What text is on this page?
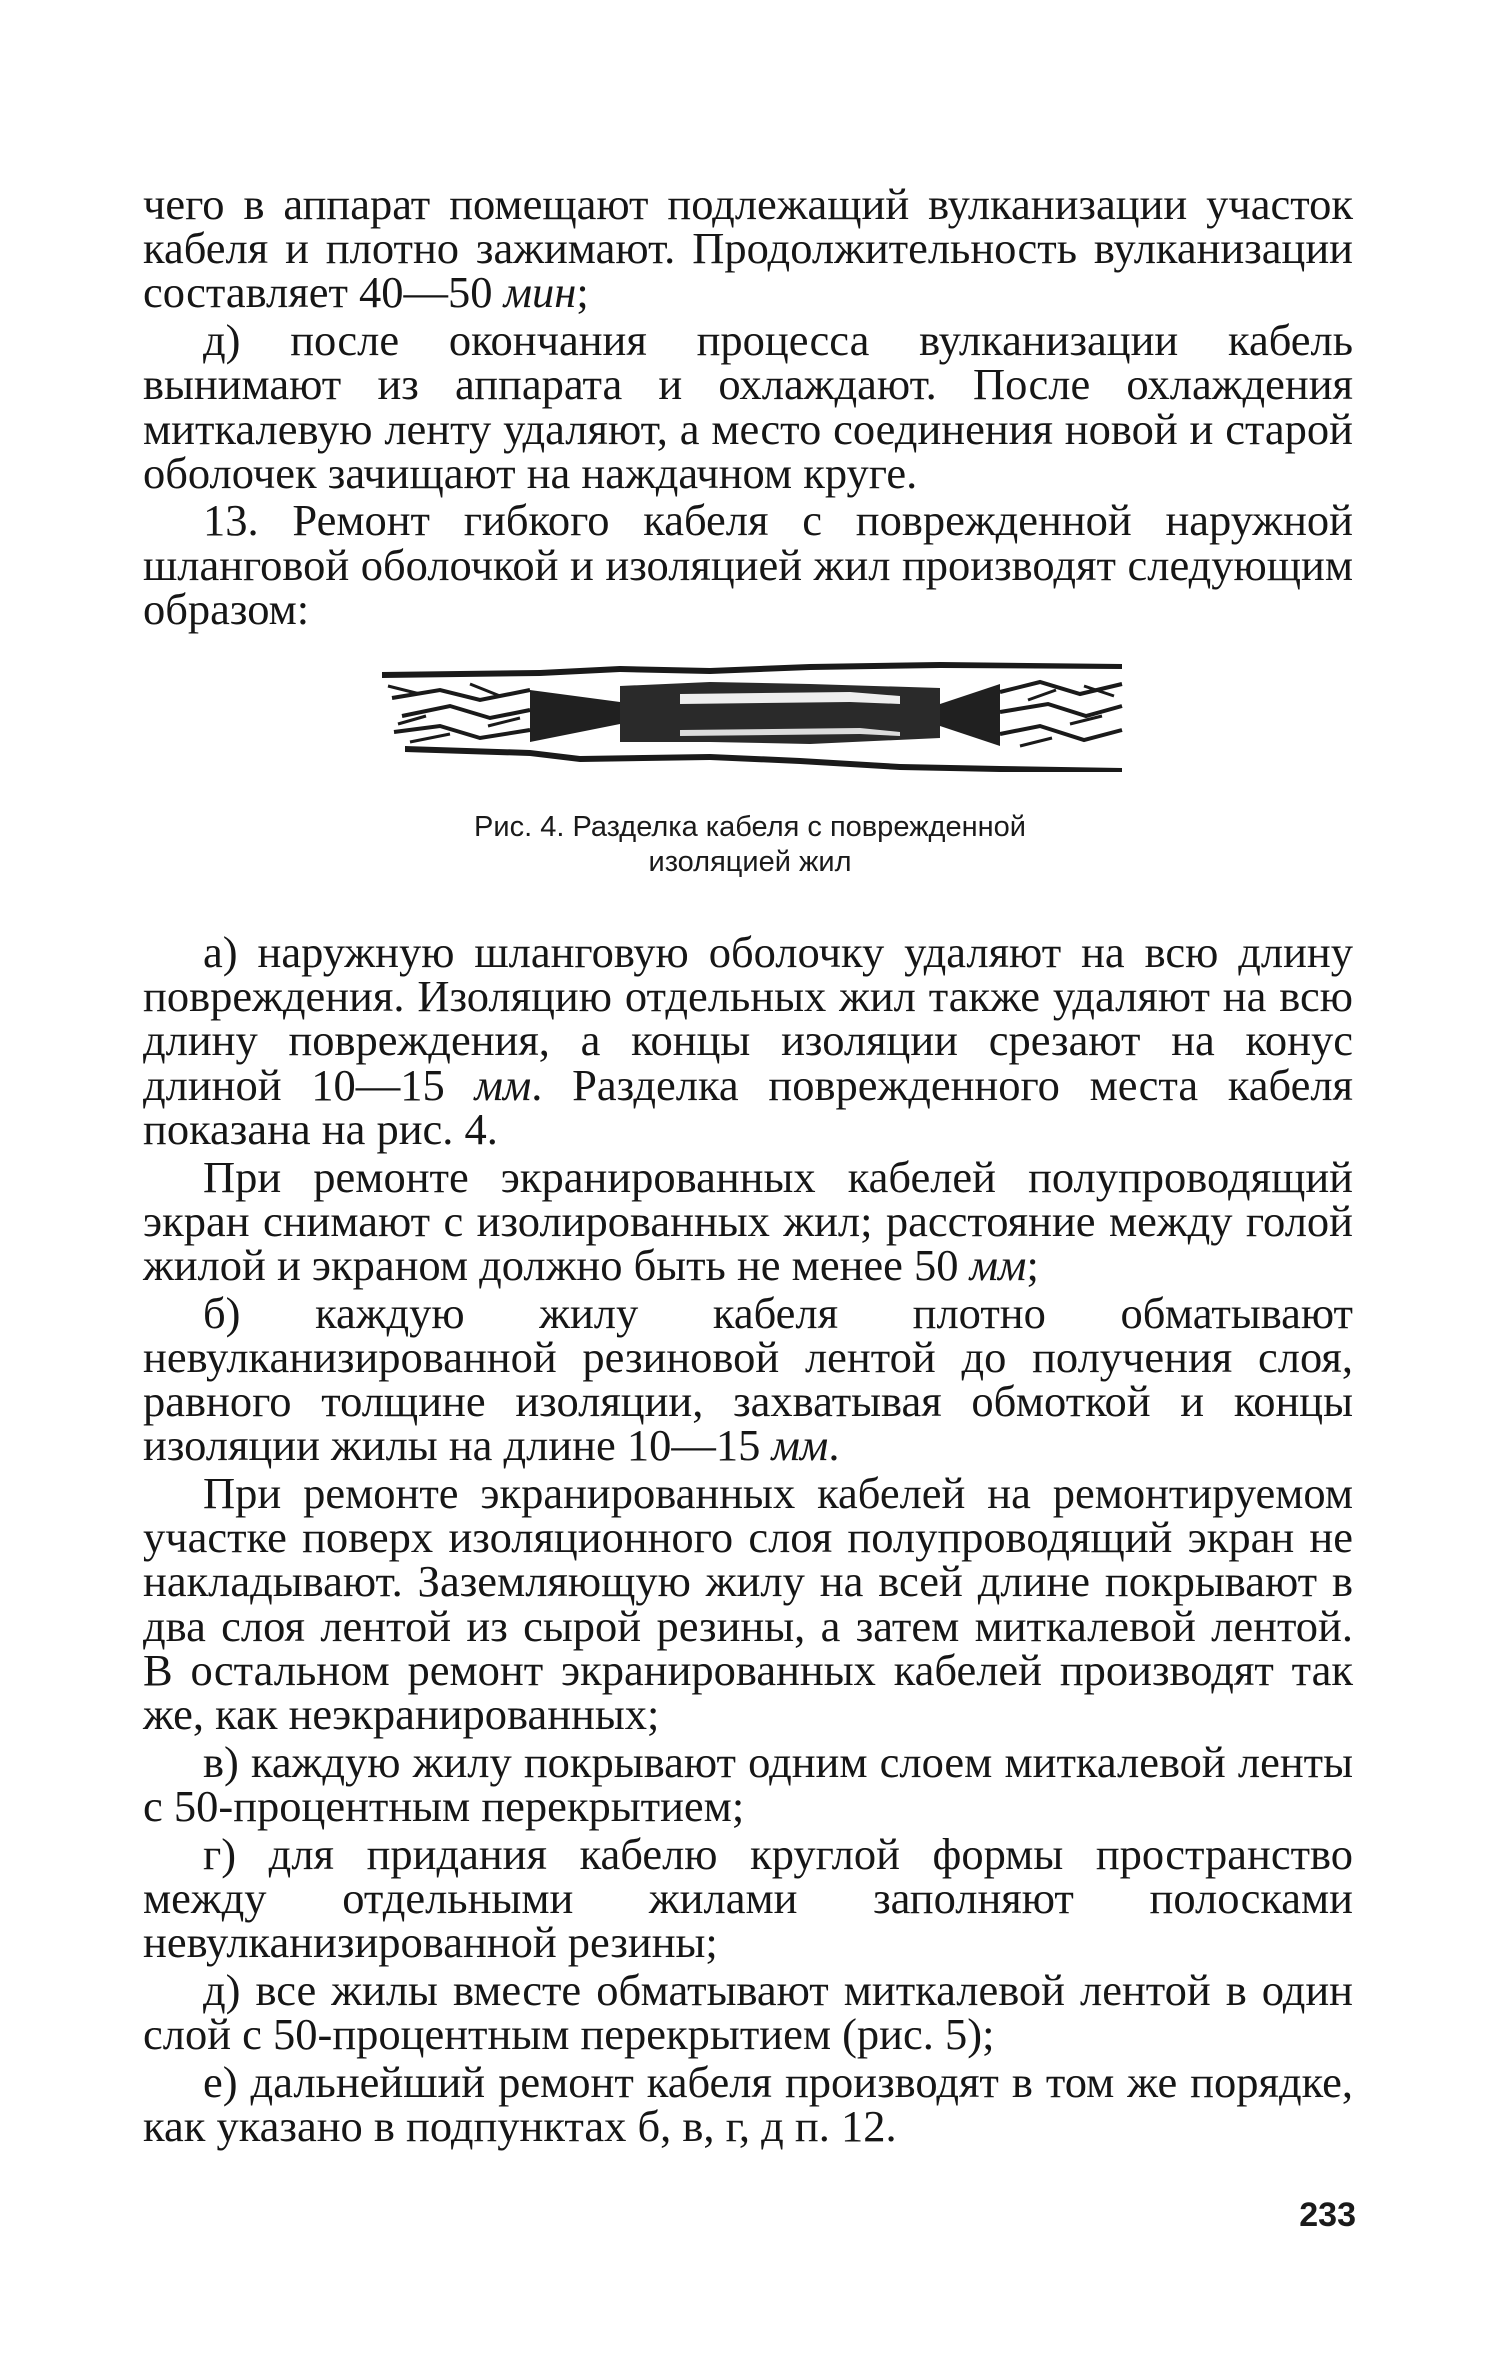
чего в аппарат помещают подлежащий вулканизации участок кабеля и плотно зажимают. Продолжительность вулканизации составляет 40—50 мин;

д) после окончания процесса вулканизации кабель вынимают из аппарата и охлаждают. После охлаждения миткалевую ленту удаляют, а место соединения новой и старой оболочек зачищают на наждачном круге.

13. Ремонт гибкого кабеля с поврежденной наружной шланговой оболочкой и изоляцией жил производят следующим образом:

Рис. 4. Разделка кабеля с поврежденной
изоляцией жил

а) наружную шланговую оболочку удаляют на всю длину повреждения. Изоляцию отдельных жил также удаляют на всю длину повреждения, а концы изоляции срезают на конус длиной 10—15 мм. Разделка поврежденного места кабеля показана на рис. 4.

При ремонте экранированных кабелей полупроводящий экран снимают с изолированных жил; расстояние между голой жилой и экраном должно быть не менее 50 мм;

б) каждую жилу кабеля плотно обматывают невулканизированной резиновой лентой до получения слоя, равного толщине изоляции, захватывая обмоткой и концы изоляции жилы на длине 10—15 мм.

При ремонте экранированных кабелей на ремонтируемом участке поверх изоляционного слоя полупроводящий экран не накладывают. Заземляющую жилу на всей длине покрывают в два слоя лентой из сырой резины, а затем миткалевой лентой. В остальном ремонт экранированных кабелей производят так же, как неэкранированных;

в) каждую жилу покрывают одним слоем миткалевой ленты с 50-процентным перекрытием;

г) для придания кабелю круглой формы пространство между отдельными жилами заполняют полосками невулканизированной резины;

д) все жилы вместе обматывают миткалевой лентой в один слой с 50-процентным перекрытием (рис. 5);

е) дальнейший ремонт кабеля производят в том же порядке, как указано в подпунктах б, в, г, д п. 12.

233
